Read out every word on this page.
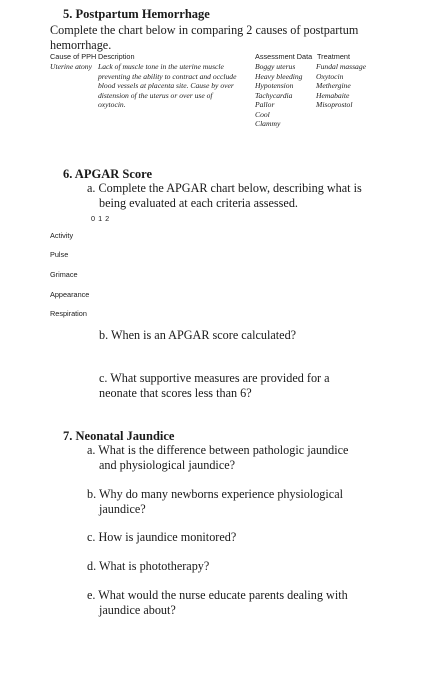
5. Postpartum Hemorrhage
Complete the chart below in comparing 2 causes of postpartum
hemorrhage.
Cause of PPH Description	Assessment Data Treatment
Uterine atony Lack of muscle tone in the uterine muscle
preventing the ability to contract and occlude
blood vessels at placenta site. Cause by over
distension of the uterus or over use of
oxytocin.
Boggy uterus
Heavy bleeding
Hypotension
Tachycardia
Pallor
Cool
Clammy
Fundal massage
Oxytocin
Methergine
Hemabaite
Misoprostol
6. APGAR Score
a. Complete the APGAR chart below, describing what is
being evaluated at each criteria assessed.
0 1 2
Activity
Pulse
Grimace
Appearance
Respiration
b. When is an APGAR score calculated?
c. What supportive measures are provided for a
neonate that scores less than 6?
7. Neonatal Jaundice
a. What is the difference between pathologic jaundice
and physiological jaundice?
b. Why do many newborns experience physiological
jaundice?
c. How is jaundice monitored?
d. What is phototherapy?
e. What would the nurse educate parents dealing with
jaundice about?
